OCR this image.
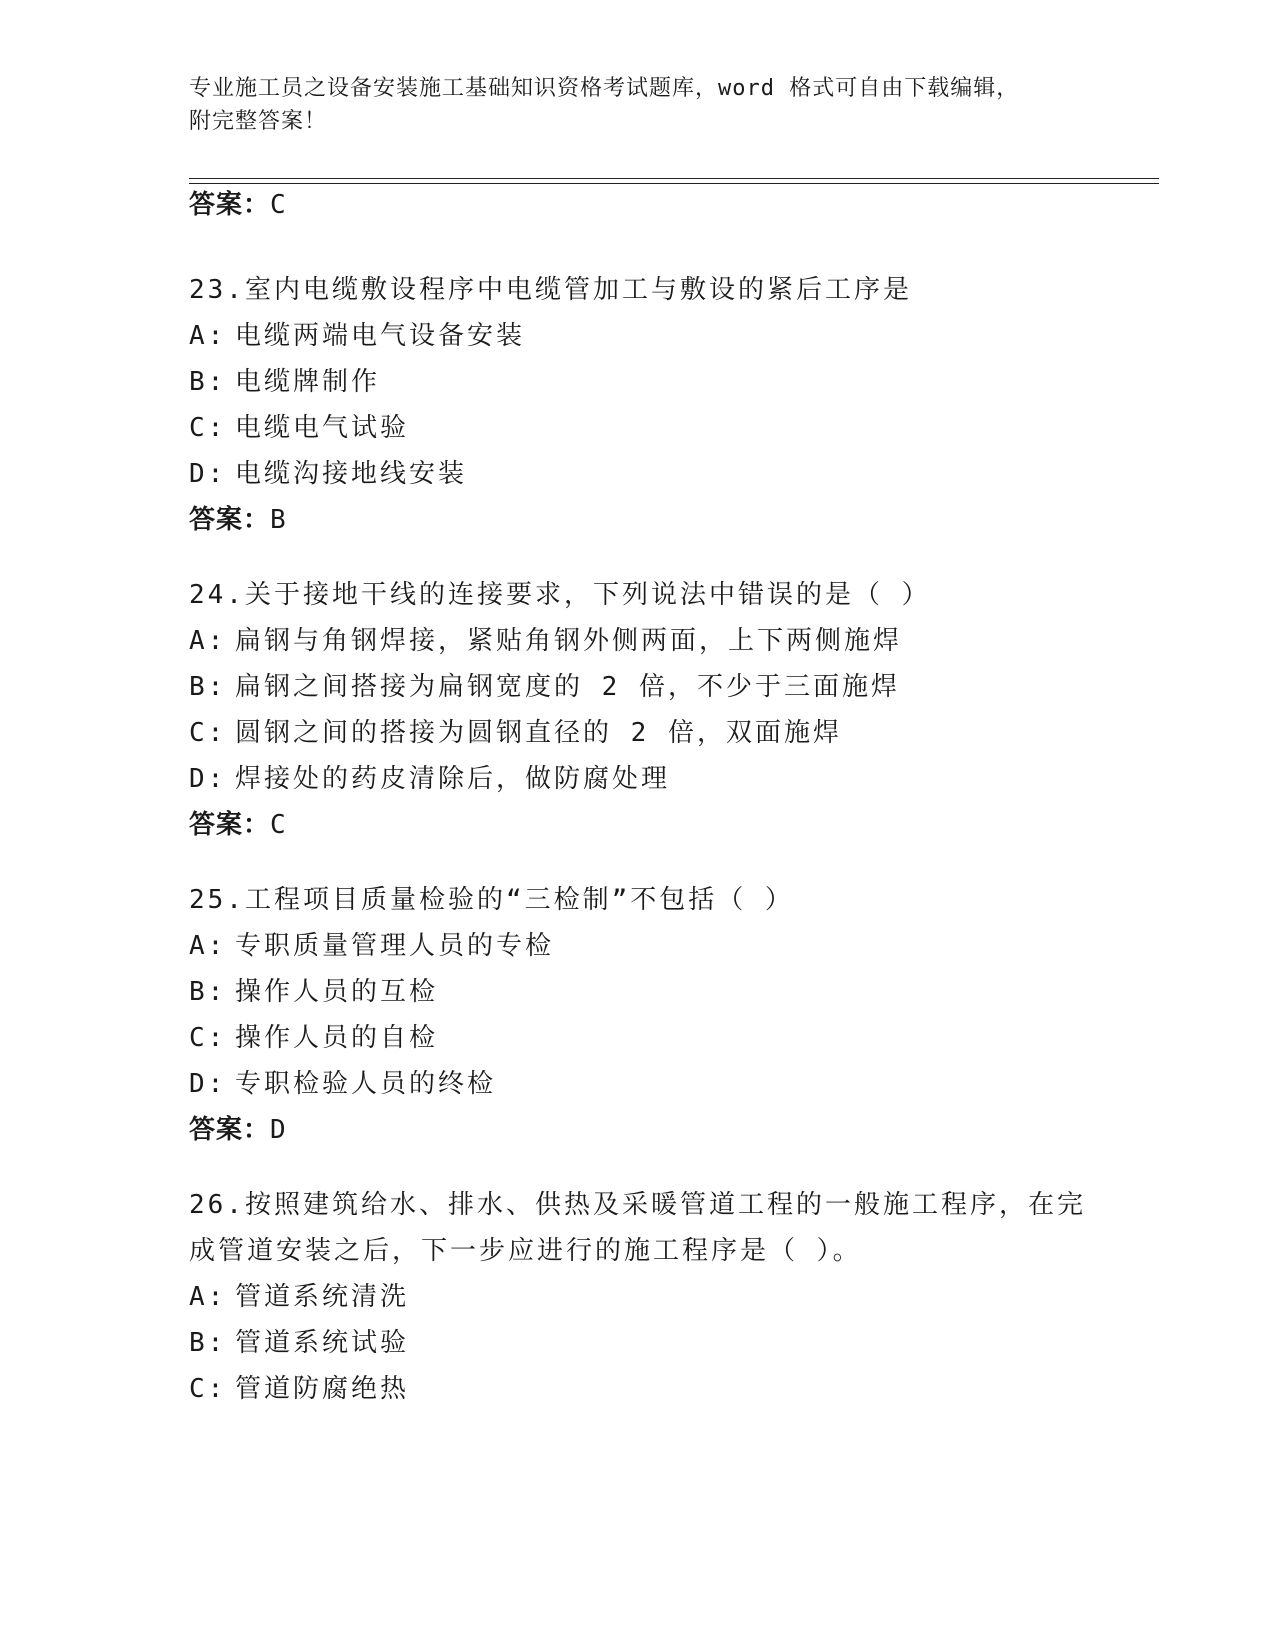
专业施工员之设备安装施工基础知识资格考试题库，word 格式可自由下载编辑，
附完整答案！
答案：C
23.室内电缆敷设程序中电缆管加工与敷设的紧后工序是
A: 电缆两端电气设备安装
B: 电缆牌制作
C: 电缆电气试验
D: 电缆沟接地线安装
答案：B
24.关于接地干线的连接要求，下列说法中错误的是（ ）
A: 扁钢与角钢焊接，紧贴角钢外侧两面，上下两侧施焊
B: 扁钢之间搭接为扁钢宽度的 2 倍，不少于三面施焊
C: 圆钢之间的搭接为圆钢直径的 2 倍，双面施焊
D: 焊接处的药皮清除后，做防腐处理
答案：C
25.工程项目质量检验的“三检制”不包括（ ）
A: 专职质量管理人员的专检
B: 操作人员的互检
C: 操作人员的自检
D: 专职检验人员的终检
答案：D
26.按照建筑给水、排水、供热及采暖管道工程的一般施工程序，在完
成管道安装之后，下一步应进行的施工程序是（ ）。
A: 管道系统清洗
B: 管道系统试验
C: 管道防腐绝热
